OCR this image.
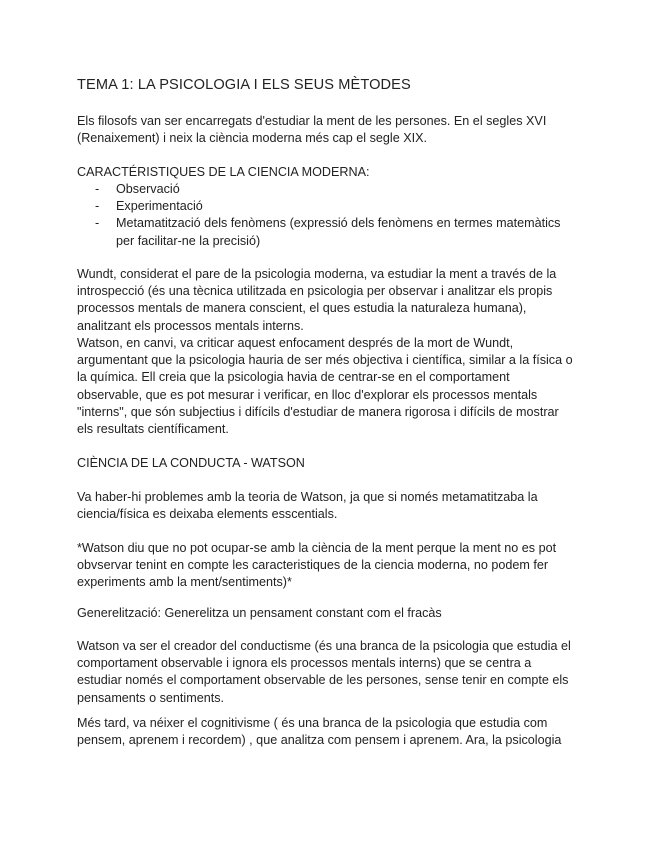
TEMA 1: LA PSICOLOGIA I ELS SEUS MÈTODES

Els filosofs van ser encarregats d'estudiar la ment de les persones. En el segles XVI (Renaixement) i neix la ciència moderna més cap el segle XIX.

CARACTÉRISTIQUES DE LA CIENCIA MODERNA:

- Observació
- Experimentació
- Metamatització dels fenòmens (expressió dels fenòmens en termes matemàtics per facilitar-ne la precisió)

Wundt, considerat el pare de la psicologia moderna, va estudiar la ment a través de la introspecció (és una tècnica utilitzada en psicologia per observar i analitzar els propis processos mentals de manera conscient, el ques estudia la naturaleza humana), analitzant els processos mentals interns.

Watson, en canvi, va criticar aquest enfocament després de la mort de Wundt, argumentant que la psicologia hauria de ser més objectiva i científica, similar a la física o la química. Ell creia que la psicologia havia de centrar-se en el comportament observable, que es pot mesurar i verificar, en lloc d'explorar els processos mentals "interns", que són subjectius i difícils d'estudiar de manera rigorosa i difícils de mostrar els resultats científicament.

CIÈNCIA DE LA CONDUCTA - WATSON

Va haber-hi problemes amb la teoria de Watson, ja que si només metamatitzaba la ciencia/física es deixaba elements esscentials.

*Watson diu que no pot ocupar-se amb la ciència de la ment perque la ment no es pot obvservar tenint en compte les caracteristiques de la ciencia moderna, no podem fer experiments amb la ment/sentiments)*

Generelització: Generelitza un pensament constant com el fracàs

Watson va ser el creador del conductisme (és una branca de la psicologia que estudia el comportament observable i ignora els processos mentals interns) que se centra a estudiar només el comportament observable de les persones, sense tenir en compte els pensaments o sentiments.

Més tard, va néixer el cognitivisme ( és una branca de la psicologia que estudia com pensem, aprenem i recordem) , que analitza com pensem i aprenem. Ara, la psicologia
